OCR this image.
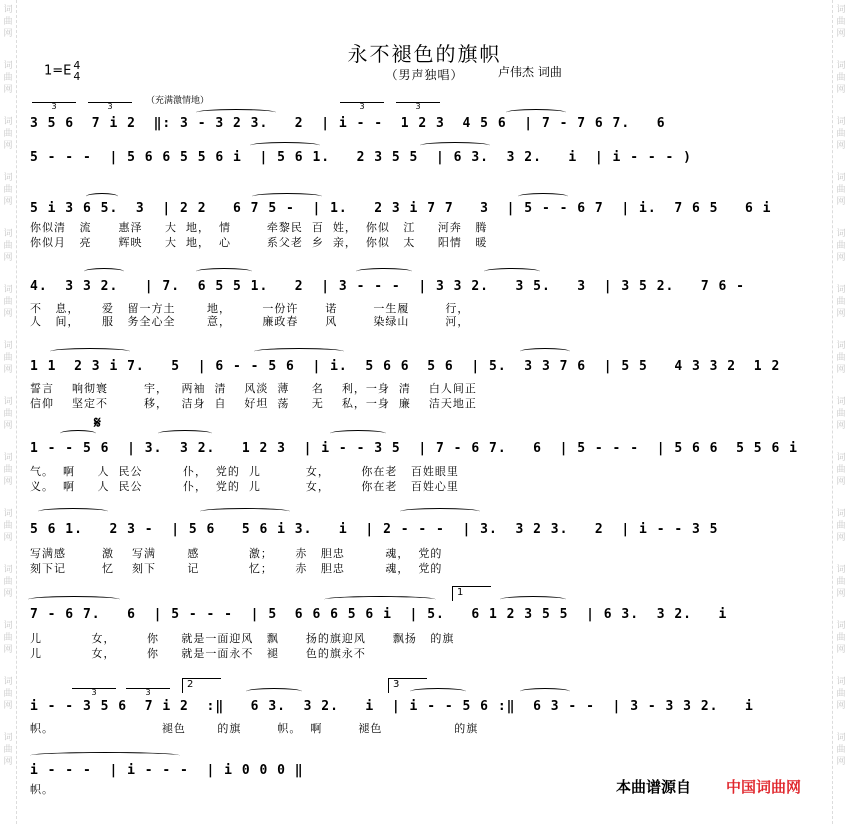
词
曲
网
词
曲
网
词
曲
网
词
曲
网
词
曲
网
词
曲
网
词
曲
网
词
曲
网
词
曲
网
词
曲
网
词
曲
网
词
曲
网
词
曲
网
词
曲
网
词
曲
网
词
曲
网
词
曲
网
词
曲
网
词
曲
网
词
曲
网
词
曲
网
词
曲
网
词
曲
网
词
曲
网
词
曲
网
词
曲
网
词
曲
网
词
曲
网
永不褪色的旗帜
（男声独唱）
1=E 4
4	卢伟杰 词曲
（充满激情地）
3	3	3	3
3	3
1
2	3
𝄋
3 5 6  7 i 2  ‖: 3 - 3 2 3.   2  | i - -  1 2 3  4 5 6  | 7 - 7 6 7.   6
5 - - -  | 5 6 6 5 5 6 i  | 5 6 1.   2 3 5 5  | 6 3.  3 2.   i  | i - - - )
5 i 3 6 5.  3  | 2 2   6 7 5 -  | 1.   2 3 i 7 7   3  | 5 - - 6 7  | i.  7 6 5   6 i
4.  3 3 2.   | 7.  6 5 5 1.   2  | 3 - - -  | 3 3 2.   3 5.   3  | 3 5 2.   7 6 -
1 1  2 3 i 7.   5  | 6 - - 5 6  | i.  5 6 6  5 6  | 5.  3 3 7 6  | 5 5   4 3 3 2  1 2
1 - - 5 6  | 3.  3 2.   1 2 3  | i - - 3 5  | 7 - 6 7.   6  | 5 - - -  | 5 6 6  5 5 6 i
5 6 1.   2 3 -  | 5 6   5 6 i 3.   i  | 2 - - -  | 3.  3 2 3.   2  | i - - 3 5
7 - 6 7.   6  | 5 - - -  | 5  6 6 6 5 6 i  | 5.   6 1 2 3 5 5  | 6 3.  3 2.   i
i - - 3 5 6  7 i 2  :‖   6 3.  3 2.   i  | i - - 5 6 :‖  6 3 - -  | 3 - 3 3 2.   i
i - - -  | i - - -  | i 0 0 0 ‖
你似清   流      惠泽     大  地，  情        牵黎民  百  姓，  你似   江     河奔   腾
你似月   亮      辉映     大  地，  心        系父老  乡  亲，  你似   太     阳情   暖
不   息，     爱   留一方土       地，       一份许      诺        一生履        行，
人   间，     服   务全心全       意，       廉政春      风        染绿山        河，
誓言    响彻寰        宇，   两袖  清    风淡  薄     名    利，一身  清    白人间正
信仰    坚定不        移，   洁身  自    好坦  荡     无    私，一身  廉    洁天地正
气。  啊     人  民公         仆，  党的  儿          女，       你在老   百姓眼里
义。  啊     人  民公         仆，  党的  儿          女，       你在老   百姓心里
写满感        激    写满       感           激；     赤   胆忠         魂，  党的
刻下记        忆    刻下       记           忆；     赤   胆忠         魂，  党的
儿           女，       你     就是一面迎风   飘      扬的旗迎风      飘扬   的旗
儿           女，       你     就是一面永不   褪      色的旗永不
帜。                        褪色       的旗        帜。  啊        褪色                的旗
帜。	本曲谱源自 中国词曲网
